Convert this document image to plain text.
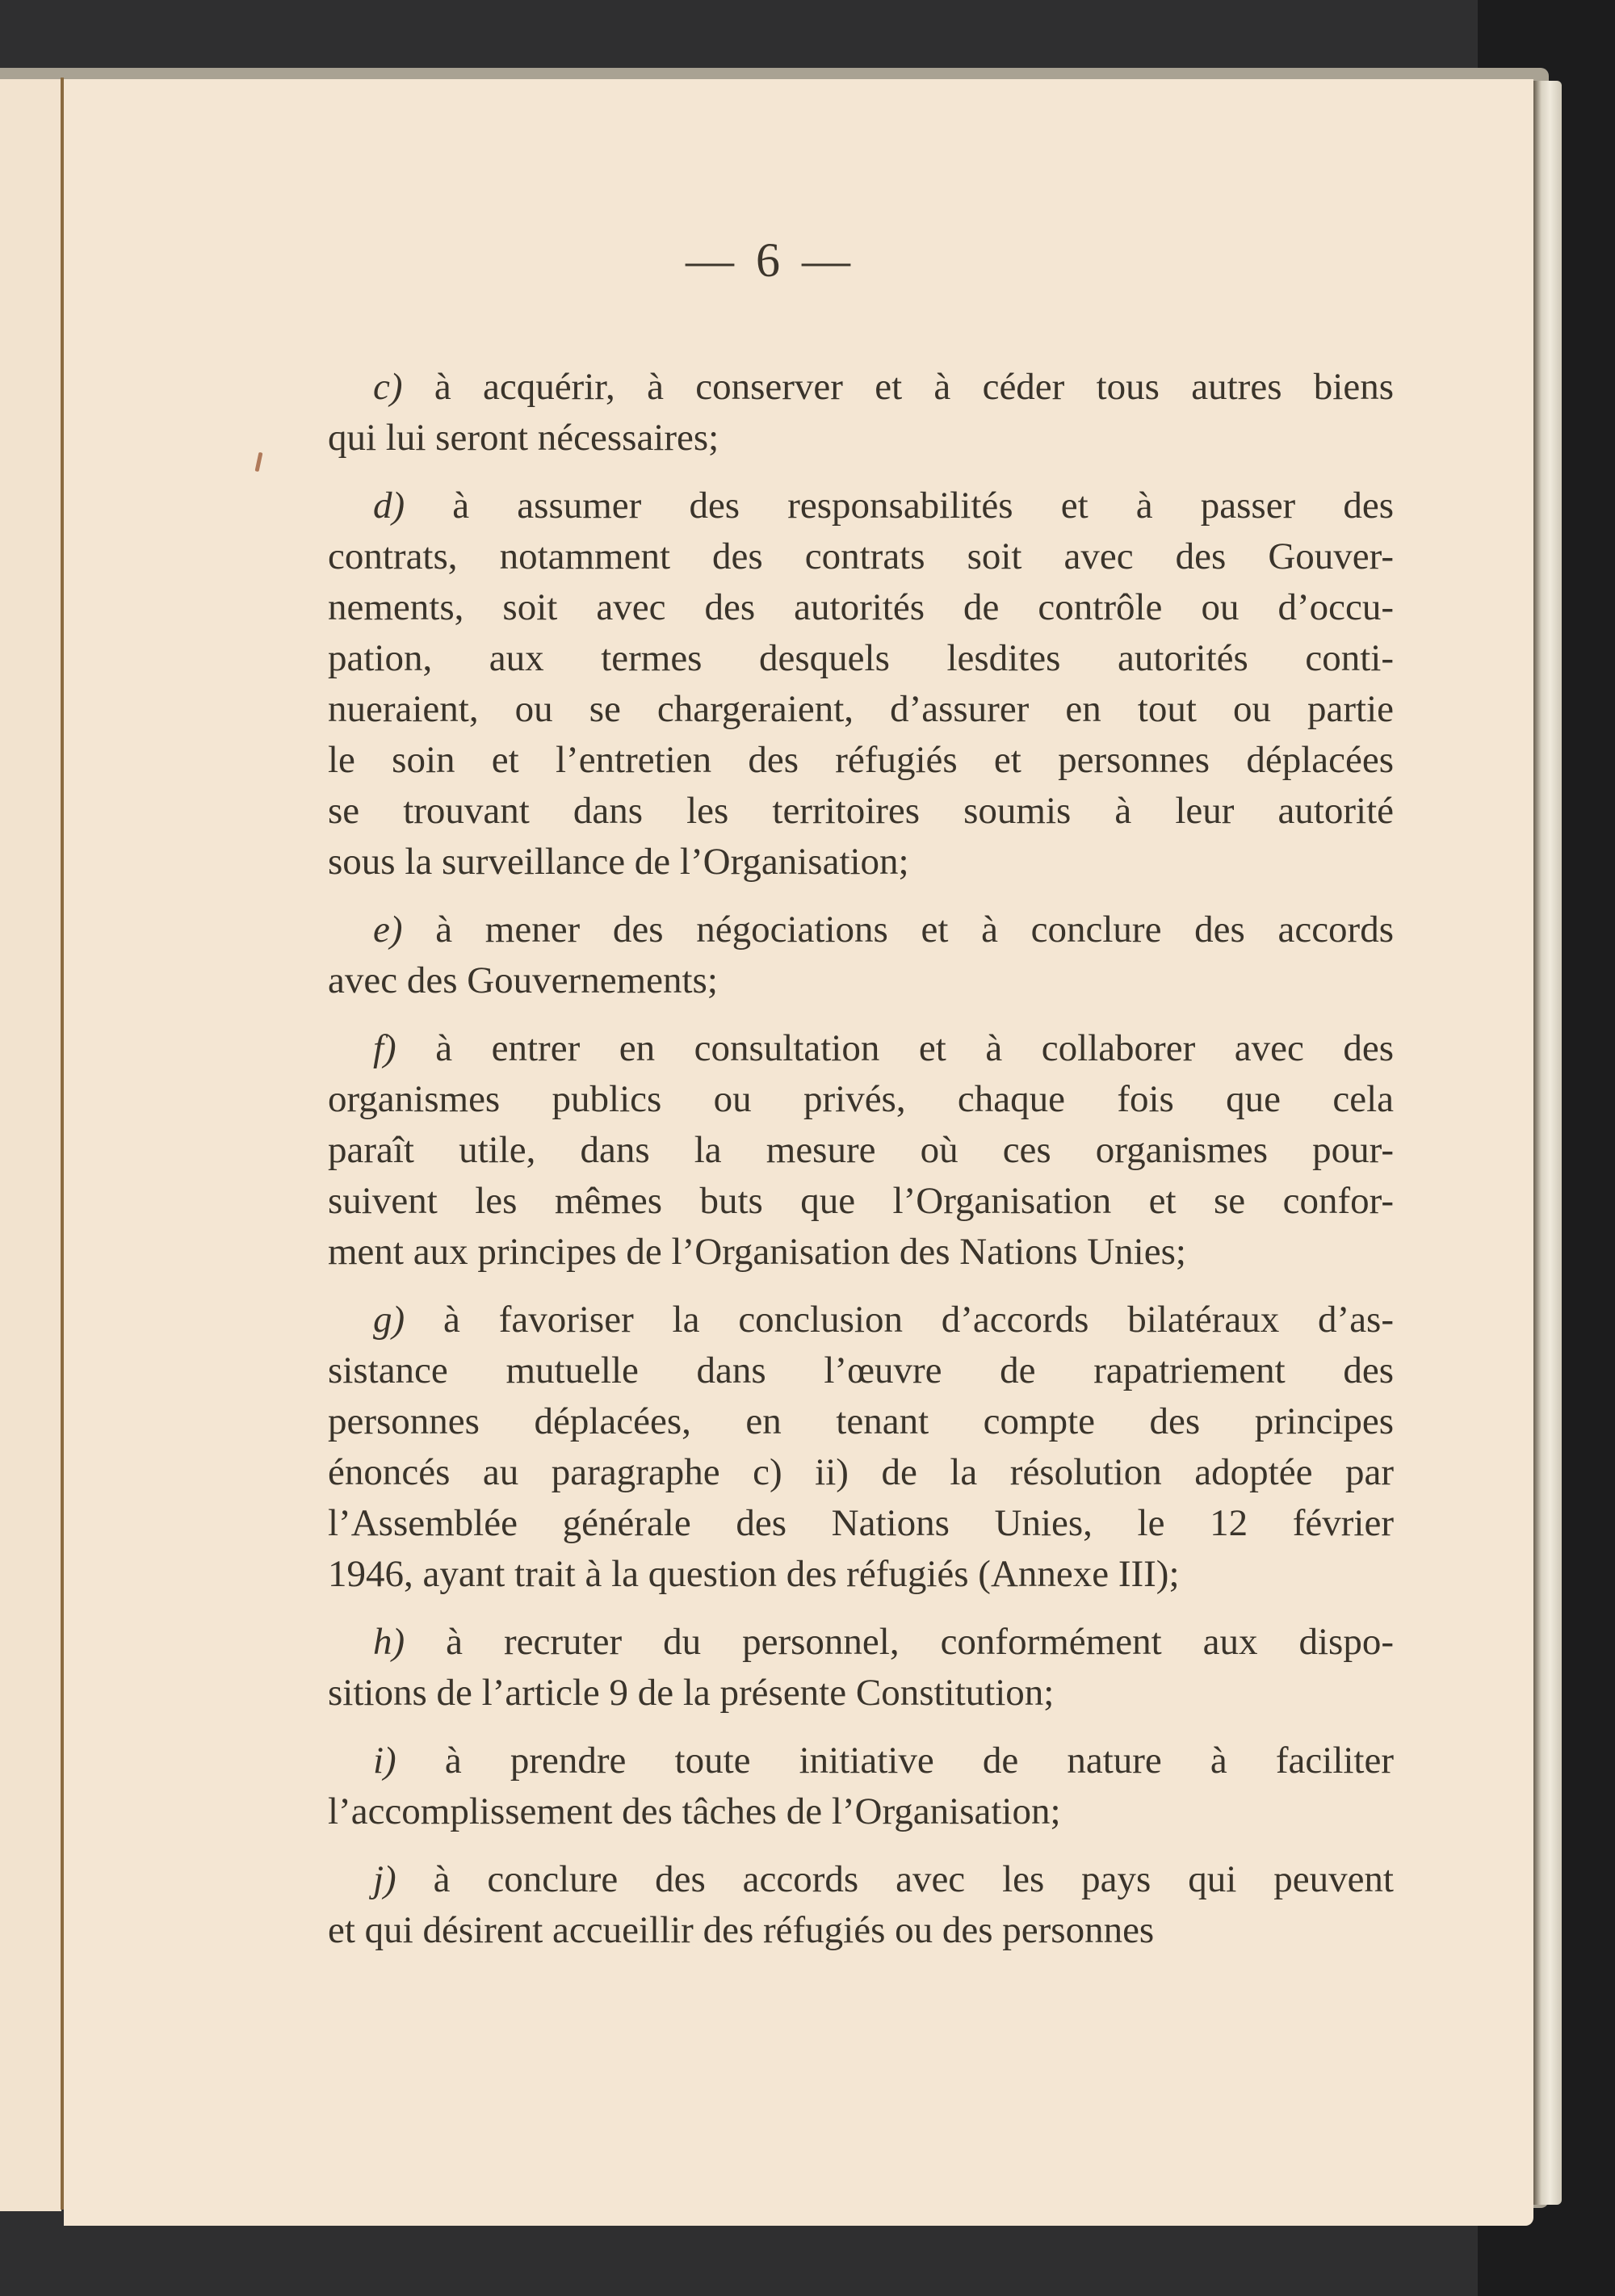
— 6 —
c) à acquérir, à conserver et à céder tous autres biens
qui lui seront nécessaires;
d) à assumer des responsabilités et à passer des
contrats, notamment des contrats soit avec des Gouver-
nements, soit avec des autorités de contrôle ou d’occu-
pation, aux termes desquels lesdites autorités conti-
nueraient, ou se chargeraient, d’assurer en tout ou partie
le soin et l’entretien des réfugiés et personnes déplacées
se trouvant dans les territoires soumis à leur autorité
sous la surveillance de l’Organisation;
e) à mener des négociations et à conclure des accords
avec des Gouvernements;
f) à entrer en consultation et à collaborer avec des
organismes publics ou privés, chaque fois que cela
paraît utile, dans la mesure où ces organismes pour-
suivent les mêmes buts que l’Organisation et se confor-
ment aux principes de l’Organisation des Nations Unies;
g) à favoriser la conclusion d’accords bilatéraux d’as-
sistance mutuelle dans l’œuvre de rapatriement des
personnes déplacées, en tenant compte des principes
énoncés au paragraphe c) ii) de la résolution adoptée par
l’Assemblée générale des Nations Unies, le 12 février
1946, ayant trait à la question des réfugiés (Annexe III);
h) à recruter du personnel, conformément aux dispo-
sitions de l’article 9 de la présente Constitution;
i) à prendre toute initiative de nature à faciliter
l’accomplissement des tâches de l’Organisation;
j) à conclure des accords avec les pays qui peuvent
et qui désirent accueillir des réfugiés ou des personnes
